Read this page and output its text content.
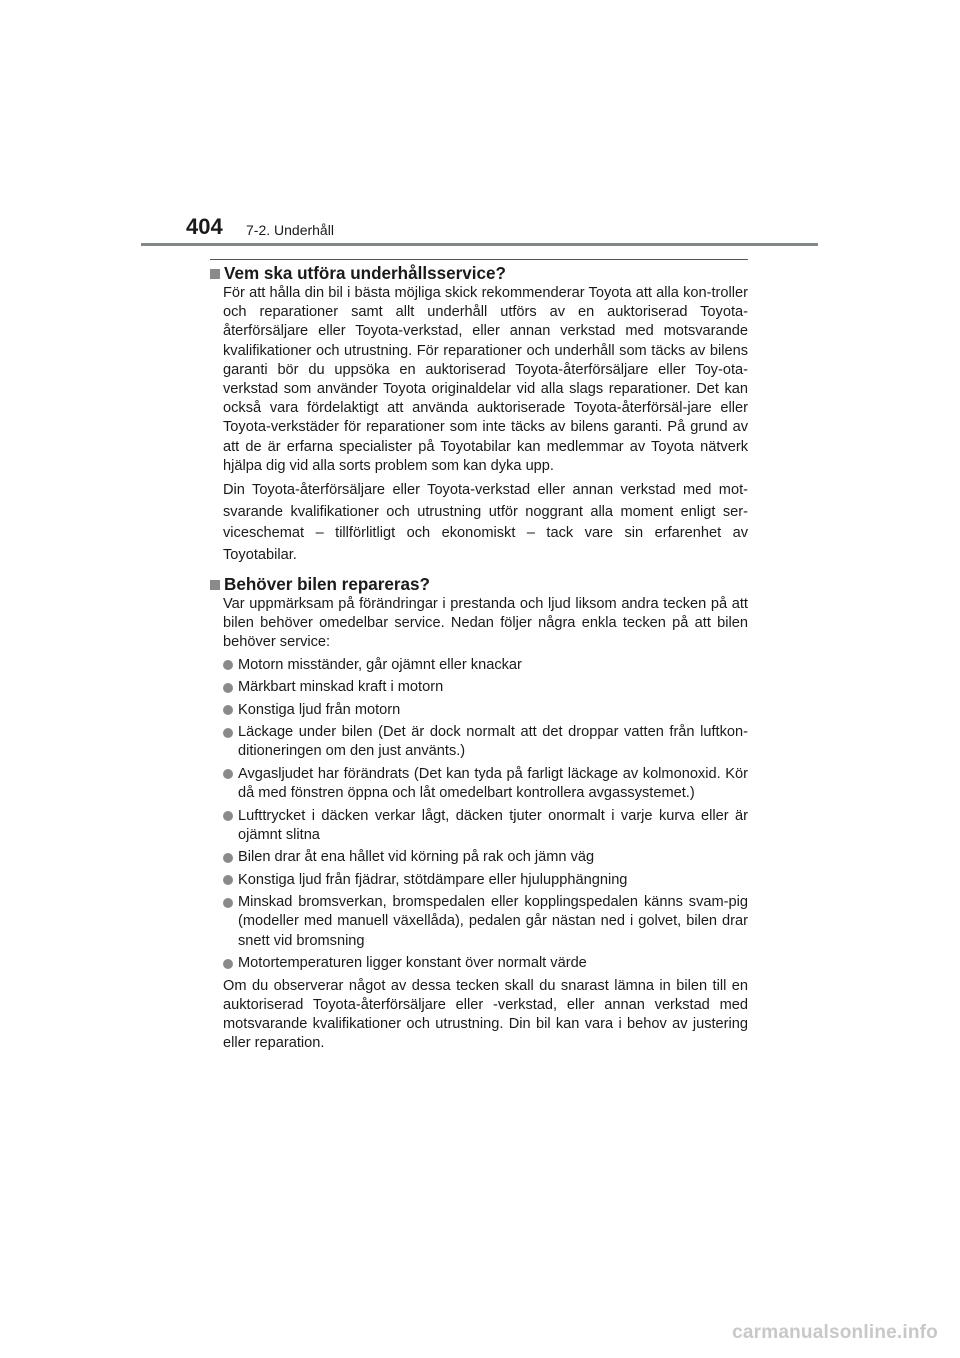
404 7-2. Underhåll
Vem ska utföra underhållsservice?

För att hålla din bil i bästa möjliga skick rekommenderar Toyota att alla kon-troller och reparationer samt allt underhåll utförs av en auktoriserad Toyota-återförsäljare eller Toyota-verkstad, eller annan verkstad med motsvarande kvalifikationer och utrustning. För reparationer och underhåll som täcks av bilens garanti bör du uppsöka en auktoriserad Toyota-återförsäljare eller Toy-ota-verkstad som använder Toyota originaldelar vid alla slags reparationer. Det kan också vara fördelaktigt att använda auktoriserade Toyota-återförsäl-jare eller Toyota-verkstäder för reparationer som inte täcks av bilens garanti. På grund av att de är erfarna specialister på Toyotabilar kan medlemmar av Toyota nätverk hjälpa dig vid alla sorts problem som kan dyka upp.

Din Toyota-återförsäljare eller Toyota-verkstad eller annan verkstad med mot-svarande kvalifikationer och utrustning utför noggrant alla moment enligt ser-viceschemat – tillförlitligt och ekonomiskt – tack vare sin erfarenhet av Toyotabilar.

Behöver bilen repareras?

Var uppmärksam på förändringar i prestanda och ljud liksom andra tecken på att bilen behöver omedelbar service. Nedan följer några enkla tecken på att bilen behöver service:

Motorn misständer, går ojämnt eller knackar
Märkbart minskad kraft i motorn
Konstiga ljud från motorn
Läckage under bilen (Det är dock normalt att det droppar vatten från luftkon-ditioneringen om den just använts.)
Avgasljudet har förändrats (Det kan tyda på farligt läckage av kolmonoxid. Kör då med fönstren öppna och låt omedelbart kontrollera avgassystemet.)
Lufttrycket i däcken verkar lågt, däcken tjuter onormalt i varje kurva eller är ojämnt slitna
Bilen drar åt ena hållet vid körning på rak och jämn väg
Konstiga ljud från fjädrar, stötdämpare eller hjulupphängning
Minskad bromsverkan, bromspedalen eller kopplingspedalen känns svam-pig (modeller med manuell växellåda), pedalen går nästan ned i golvet, bilen drar snett vid bromsning
Motortemperaturen ligger konstant över normalt värde

Om du observerar något av dessa tecken skall du snarast lämna in bilen till en auktoriserad Toyota-återförsäljare eller -verkstad, eller annan verkstad med motsvarande kvalifikationer och utrustning. Din bil kan vara i behov av justering eller reparation.

carmanualsonline.info
